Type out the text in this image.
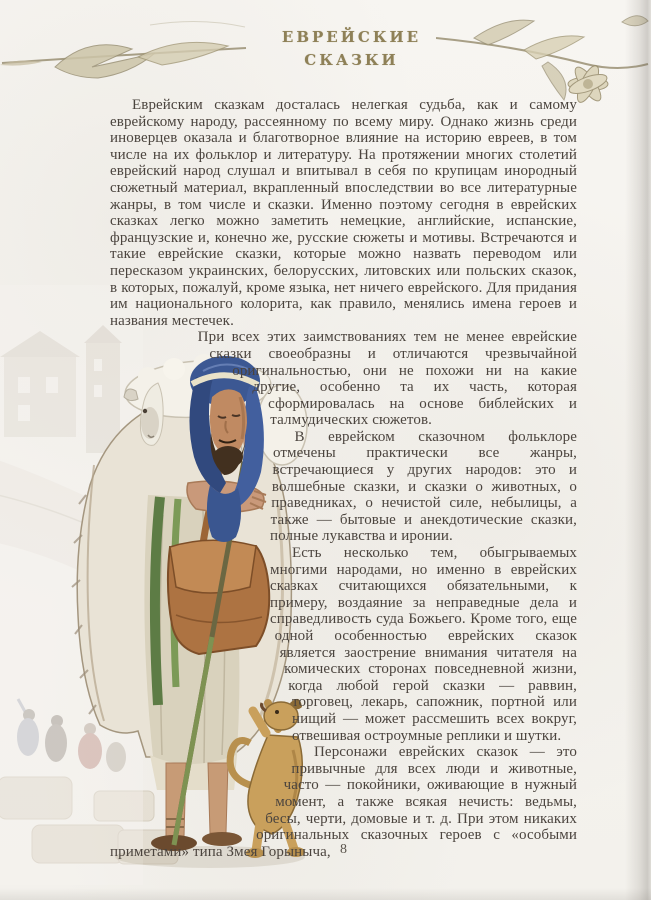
ЕВРЕЙСКИЕ
СКАЗКИ

Еврейским сказкам досталась нелегкая судьба, как и самому еврейскому народу, рассеянному по всему миру. Однако жизнь среди иноверцев оказала и благотворное влияние на историю евреев, в том числе на их фольклор и литературу. На протяжении многих столетий еврейский народ слушал и впитывал в себя по крупицам инородный сюжетный материал, вкрапленный впоследствии во все литературные жанры, в том числе и сказки. Именно поэтому сегодня в еврейских сказках легко можно заметить немецкие, английские, испанские, французские и, конечно же, русские сюжеты и мотивы. Встречаются и такие еврейские сказки, которые можно назвать переводом или пересказом украинских, белорусских, литовских или польских сказок, в которых, пожалуй, кроме языка, нет ничего еврейского. Для придания им национального колорита, как правило, менялись имена героев и названия местечек.

При всех этих заимствованиях тем не менее еврейские сказки своеобразны и отличаются чрезвычайной оригинальностью, они не похожи ни на какие другие, особенно та их часть, которая сформировалась на основе библейских и талмудических сюжетов.

В еврейском сказочном фольклоре отмечены практически все жанры, встречающиеся у других народов: это и волшебные сказки, и сказки о животных, о праведниках, о нечистой силе, небылицы, а также — бытовые и анекдотические сказки, полные лукавства и иронии.

Есть несколько тем, обыгрываемых многими народами, но именно в еврейских сказках считающихся обязательными, к примеру, воздаяние за неправедные дела и справедливость суда Божьего. Кроме того, еще одной особенностью еврейских сказок является заострение внимания читателя на комических сторонах повседневной жизни, когда любой герой сказки — раввин, торговец, лекарь, сапожник, портной или нищий — может рассмешить всех вокруг, отвешивая остроумные реплики и шутки.

Персонажи еврейских сказок — это привычные для всех люди и животные, часто — покойники, оживающие в нужный момент, а также всякая нечисть: ведьмы, бесы, черти, домовые и т. д. При этом никаких оригинальных сказочных героев с «особыми приметами» типа Змея Горыныча, 8
